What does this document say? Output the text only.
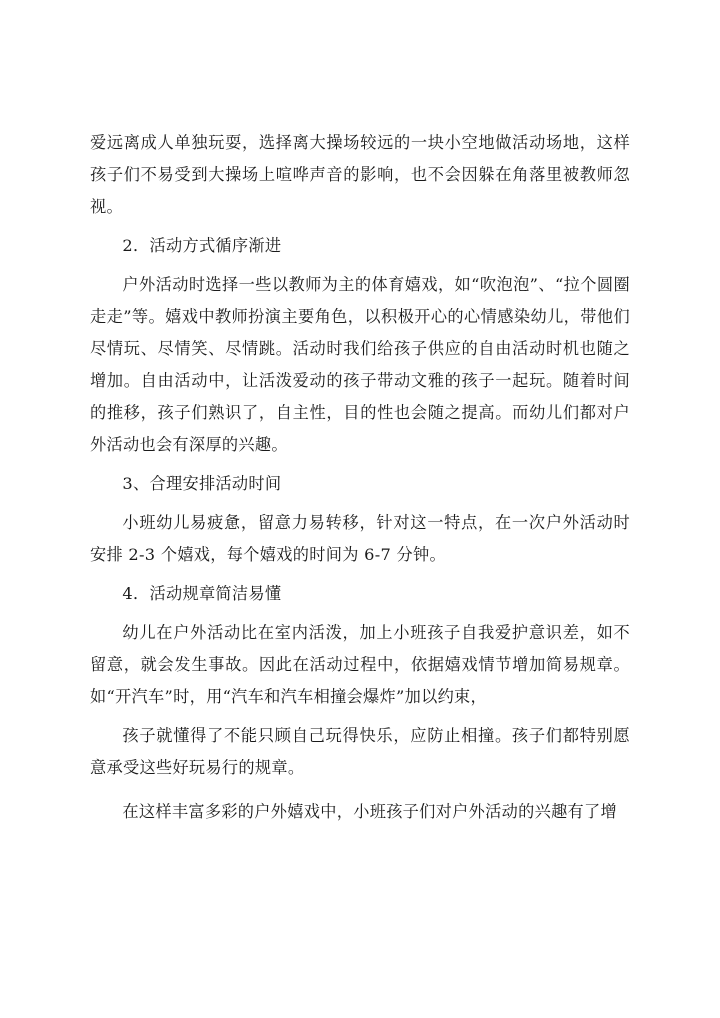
爱远离成人单独玩耍，选择离大操场较远的一块小空地做活动场地，这样孩子们不易受到大操场上喧哗声音的影响，也不会因躲在角落里被教师忽视。

2．活动方式循序渐进

户外活动时选择一些以教师为主的体育嬉戏，如“吹泡泡”、“拉个圆圈走走”等。嬉戏中教师扮演主要角色，以积极开心的心情感染幼儿，带他们尽情玩、尽情笑、尽情跳。活动时我们给孩子供应的自由活动时机也随之增加。自由活动中，让活泼爱动的孩子带动文雅的孩子一起玩。随着时间的推移，孩子们熟识了，自主性，目的性也会随之提高。而幼儿们都对户外活动也会有深厚的兴趣。

3、合理安排活动时间

小班幼儿易疲惫，留意力易转移，针对这一特点，在一次户外活动时安排 2-3 个嬉戏，每个嬉戏的时间为 6-7 分钟。

4．活动规章简洁易懂

幼儿在户外活动比在室内活泼，加上小班孩子自我爱护意识差，如不留意，就会发生事故。因此在活动过程中，依据嬉戏情节增加简易规章。如“开汽车”时，用“汽车和汽车相撞会爆炸”加以约束，

孩子就懂得了不能只顾自己玩得快乐，应防止相撞。孩子们都特别愿意承受这些好玩易行的规章。

在这样丰富多彩的户外嬉戏中，小班孩子们对户外活动的兴趣有了增
